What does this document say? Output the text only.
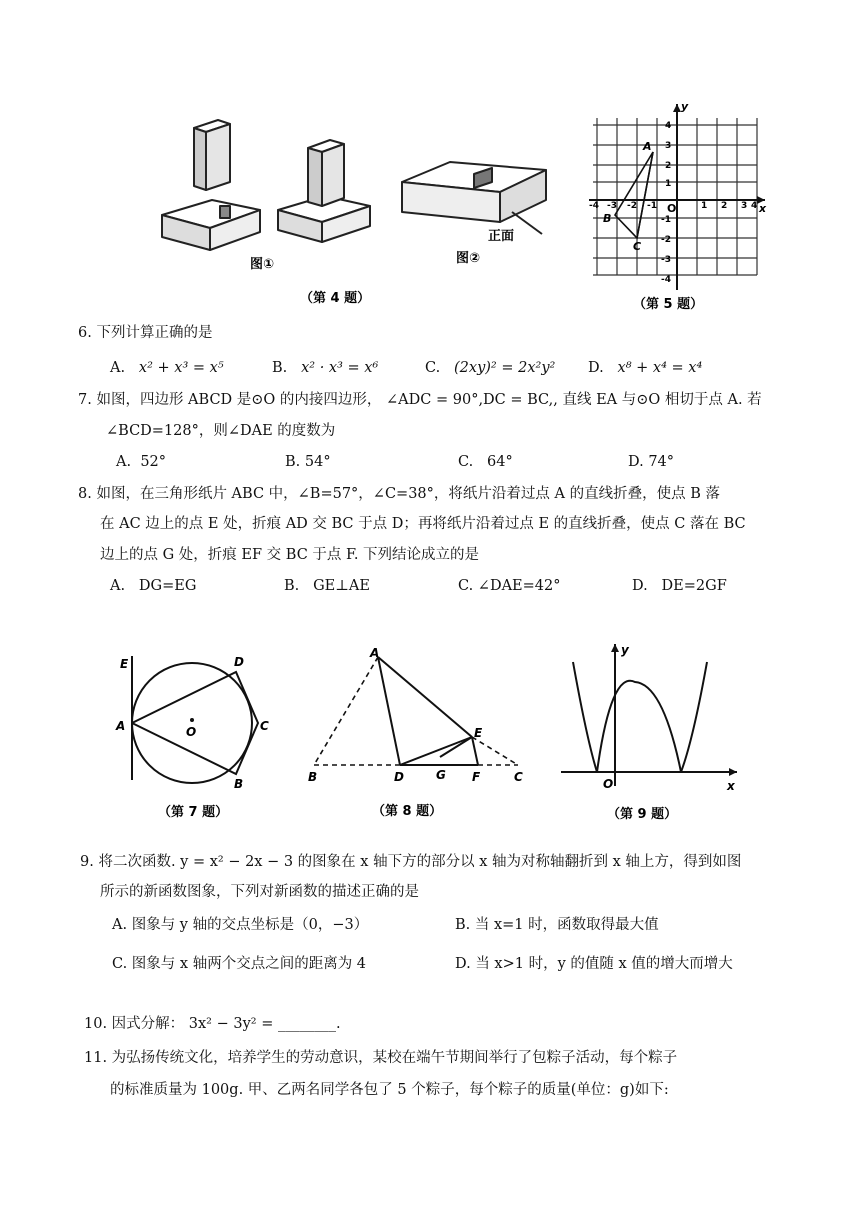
图①	图②
正面
（第 4 题）
x
y
O
-4 -3 -2 -1	1 2 3 4
4
3
2
1
-1
-2
-3
-4
A
B
C
（第 5 题）
6. 下列计算正确的是
A. x² + x³ = x⁵	B. x² · x³ = x⁶	C. (2xy)² = 2x²y² D. x⁸ + x⁴ = x⁴
7. 如图，四边形 ABCD 是⊙O 的内接四边形， ∠ADC = 90°,DC = BC,, 直线 EA 与⊙O 相切于点 A. 若
∠BCD=128°，则∠DAE 的度数为
A. 52°	B. 54°	C. 64°	D. 74°
8. 如图，在三角形纸片 ABC 中，∠B=57°，∠C=38°，将纸片沿着过点 A 的直线折叠，使点 B 落
在 AC 边上的点 E 处，折痕 AD 交 BC 于点 D；再将纸片沿着过点 E 的直线折叠，使点 C 落在 BC
边上的点 G 处，折痕 EF 交 BC 于点 F. 下列结论成立的是
A. DG=EG	B. GE⊥AE	C. ∠DAE=42°	D. DE=2GF
E	D
A	O	C
B
（第 7 题）
A
E
B	D	G F	C
（第 8 题）
y
x
O
（第 9 题）
9. 将二次函数. y = x² − 2x − 3 的图象在 x 轴下方的部分以 x 轴为对称轴翻折到 x 轴上方，得到如图
所示的新函数图象，下列对新函数的描述正确的是
A. 图象与 y 轴的交点坐标是（0，−3）	B. 当 x=1 时，函数取得最大值
C. 图象与 x 轴两个交点之间的距离为 4	D. 当 x>1 时，y 的值随 x 值的增大而增大
10. 因式分解： 3x² − 3y² = ________.
11. 为弘扬传统文化，培养学生的劳动意识，某校在端午节期间举行了包粽子活动，每个粽子
的标准质量为 100g. 甲、乙两名同学各包了 5 个粽子，每个粽子的质量(单位：g)如下:
